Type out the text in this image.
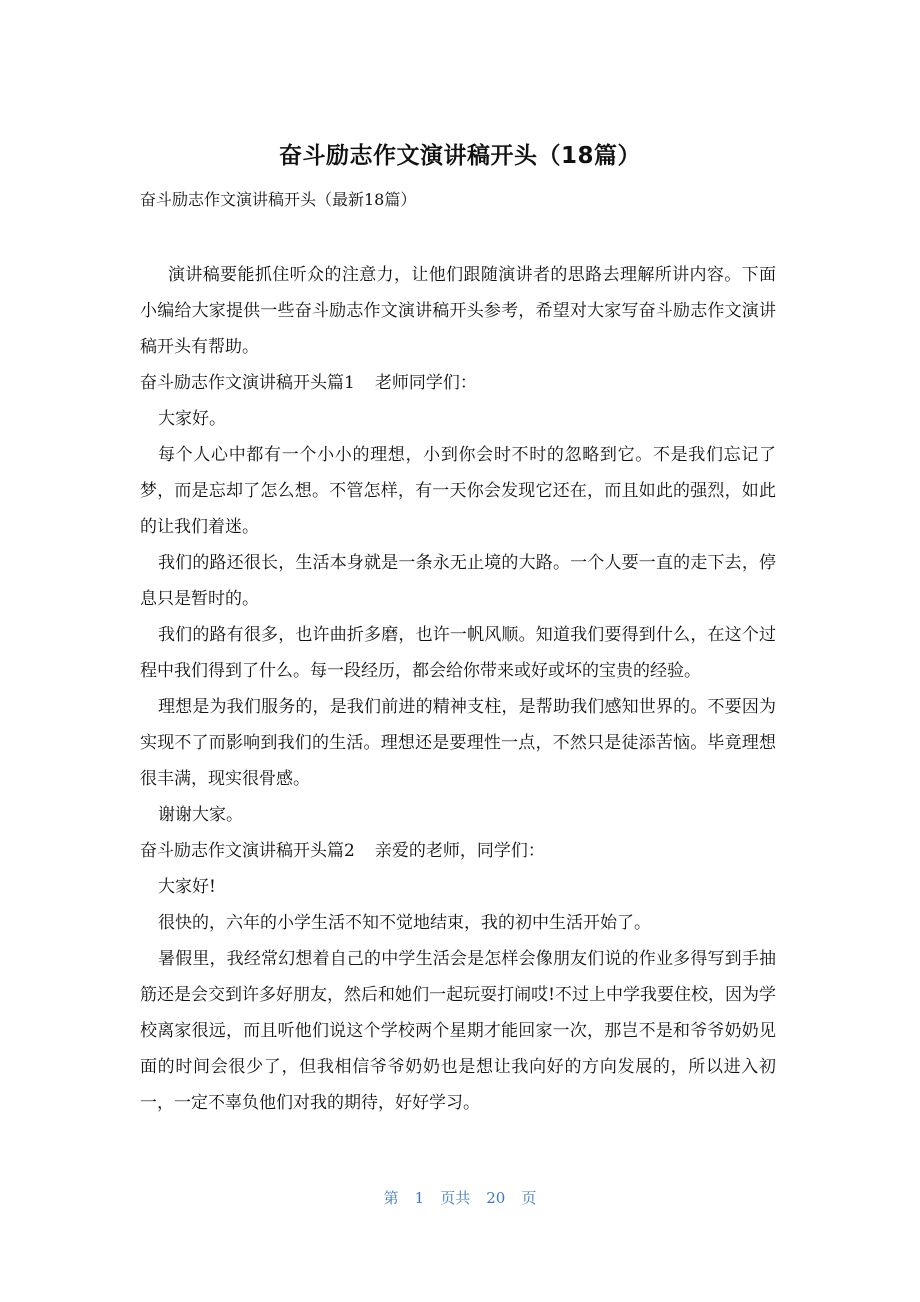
奋斗励志作文演讲稿开头（18篇）
奋斗励志作文演讲稿开头（最新18篇）

演讲稿要能抓住听众的注意力，让他们跟随演讲者的思路去理解所讲内容。下面小编给大家提供一些奋斗励志作文演讲稿开头参考，希望对大家写奋斗励志作文演讲稿开头有帮助。

奋斗励志作文演讲稿开头篇1 老师同学们：

大家好。

每个人心中都有一个小小的理想，小到你会时不时的忽略到它。不是我们忘记了梦，而是忘却了怎么想。不管怎样，有一天你会发现它还在，而且如此的强烈，如此的让我们着迷。

我们的路还很长，生活本身就是一条永无止境的大路。一个人要一直的走下去，停息只是暂时的。

我们的路有很多，也许曲折多磨，也许一帆风顺。知道我们要得到什么，在这个过程中我们得到了什么。每一段经历，都会给你带来或好或坏的宝贵的经验。

理想是为我们服务的，是我们前进的精神支柱，是帮助我们感知世界的。不要因为实现不了而影响到我们的生活。理想还是要理性一点，不然只是徒添苦恼。毕竟理想很丰满，现实很骨感。

谢谢大家。

奋斗励志作文演讲稿开头篇2 亲爱的老师，同学们：

大家好!

很快的，六年的小学生活不知不觉地结束，我的初中生活开始了。

暑假里，我经常幻想着自己的中学生活会是怎样会像朋友们说的作业多得写到手抽筋还是会交到许多好朋友，然后和她们一起玩耍打闹哎!不过上中学我要住校，因为学校离家很远，而且听他们说这个学校两个星期才能回家一次，那岂不是和爷爷奶奶见面的时间会很少了，但我相信爷爷奶奶也是想让我向好的方向发展的，所以进入初一，一定不辜负他们对我的期待，好好学习。

第 1 页共 20 页
